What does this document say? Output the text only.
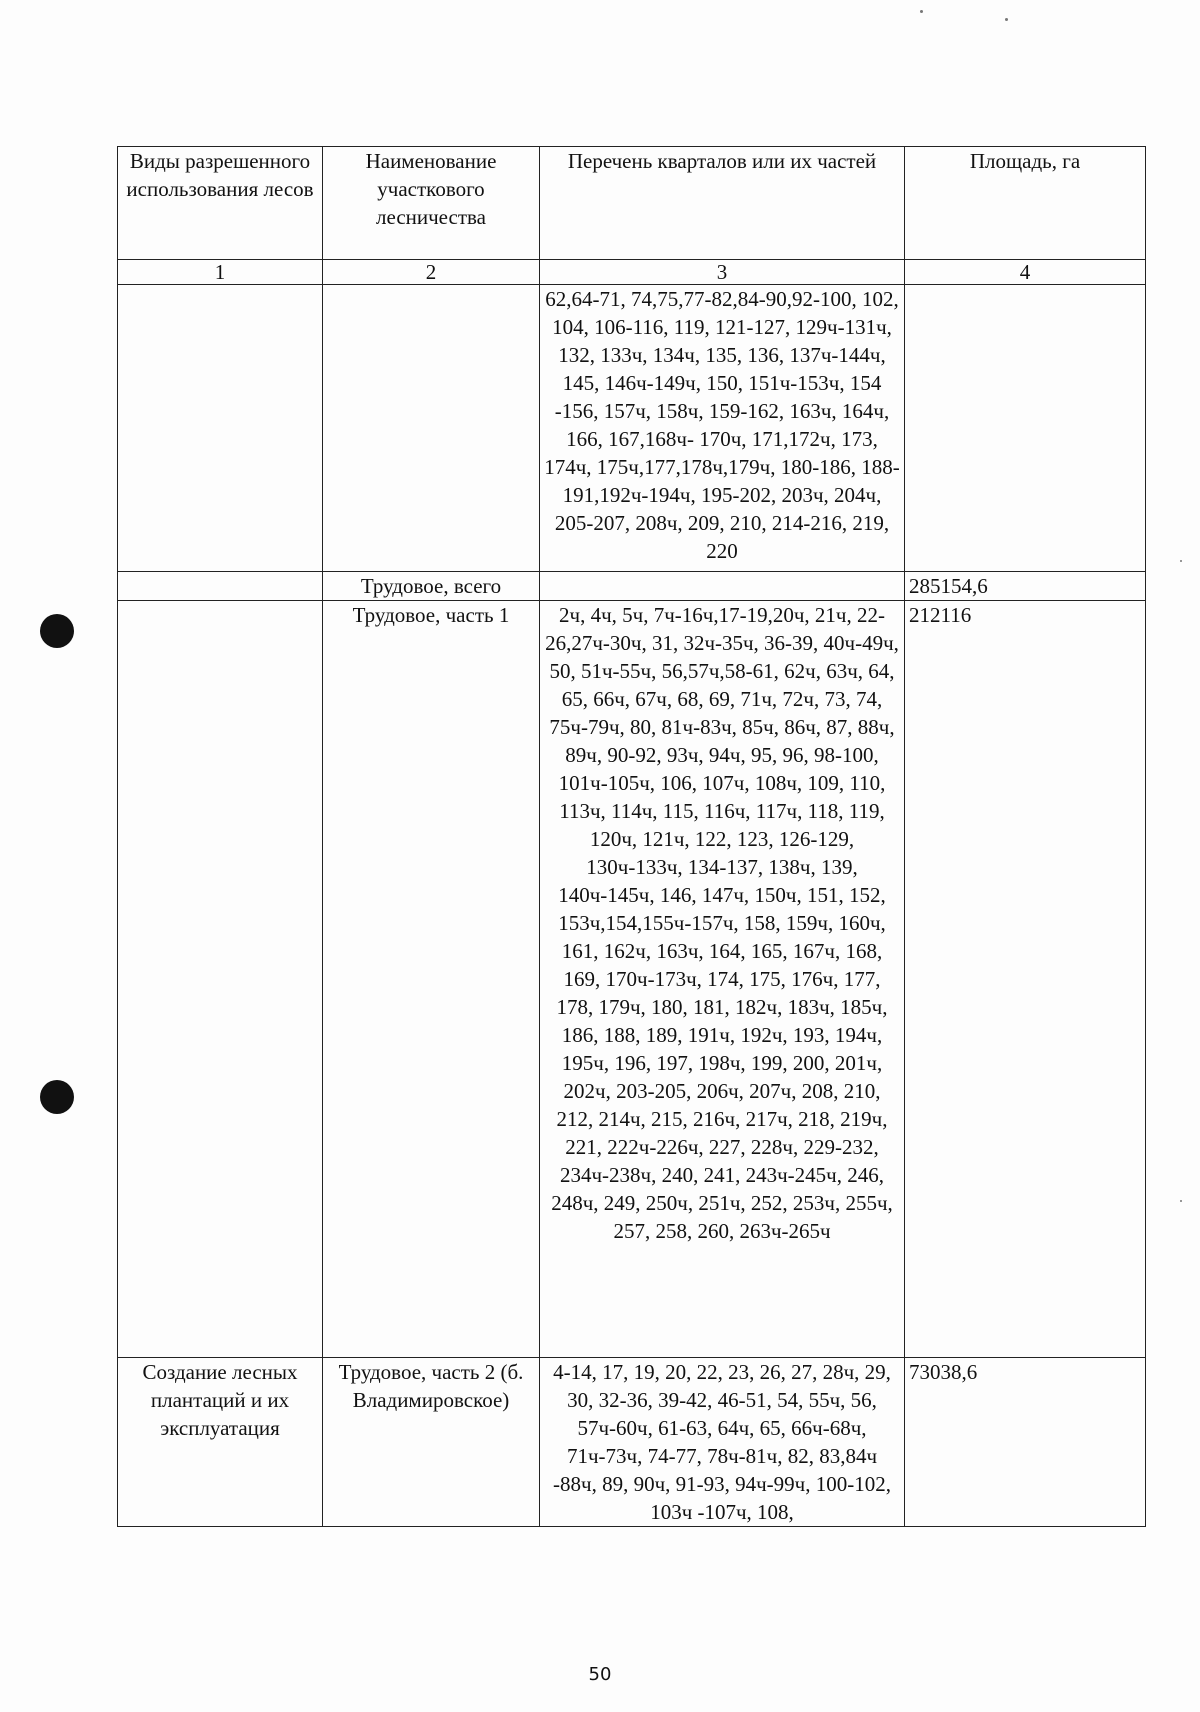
Виды разрешенного использования лесов	Наименование участкового лесничества	Перечень кварталов или их частей	Площадь, га
1	2	3	4
		62,64-71, 74,75,77-82,84-90,92-100, 102, 104, 106-116, 119, 121-127, 129ч-131ч, 132, 133ч, 134ч, 135, 136, 137ч-144ч, 145, 146ч-149ч, 150, 151ч-153ч, 154 -156, 157ч, 158ч, 159-162, 163ч, 164ч, 166, 167,168ч- 170ч, 171,172ч, 173, 174ч, 175ч,177,178ч,179ч, 180-186, 188-191,192ч-194ч, 195-202, 203ч, 204ч, 205-207, 208ч, 209, 210, 214-216, 219, 220	
	Трудовое, всего		285154,6
	Трудовое, часть 1	2ч, 4ч, 5ч, 7ч-16ч,17-19,20ч, 21ч, 22-26,27ч-30ч, 31, 32ч-35ч, 36-39, 40ч-49ч, 50, 51ч-55ч, 56,57ч,58-61, 62ч, 63ч, 64, 65, 66ч, 67ч, 68, 69, 71ч, 72ч, 73, 74, 75ч-79ч, 80, 81ч-83ч, 85ч, 86ч, 87, 88ч, 89ч, 90-92, 93ч, 94ч, 95, 96, 98-100, 101ч-105ч, 106, 107ч, 108ч, 109, 110, 113ч, 114ч, 115, 116ч, 117ч, 118, 119, 120ч, 121ч, 122, 123, 126-129, 130ч-133ч, 134-137, 138ч, 139, 140ч-145ч, 146, 147ч, 150ч, 151, 152, 153ч,154,155ч-157ч, 158, 159ч, 160ч, 161, 162ч, 163ч, 164, 165, 167ч, 168, 169, 170ч-173ч, 174, 175, 176ч, 177, 178, 179ч, 180, 181, 182ч, 183ч, 185ч, 186, 188, 189, 191ч, 192ч, 193, 194ч, 195ч, 196, 197, 198ч, 199, 200, 201ч, 202ч, 203-205, 206ч, 207ч, 208, 210, 212, 214ч, 215, 216ч, 217ч, 218, 219ч, 221, 222ч-226ч, 227, 228ч, 229-232, 234ч-238ч, 240, 241, 243ч-245ч, 246, 248ч, 249, 250ч, 251ч, 252, 253ч, 255ч, 257, 258, 260, 263ч-265ч	212116
Создание лесных плантаций и их эксплуатация	Трудовое, часть 2 (б. Владимировское)	4-14, 17, 19, 20, 22, 23, 26, 27, 28ч, 29, 30, 32-36, 39-42, 46-51, 54, 55ч, 56, 57ч-60ч, 61-63, 64ч, 65, 66ч-68ч, 71ч-73ч, 74-77, 78ч-81ч, 82, 83,84ч -88ч, 89, 90ч, 91-93, 94ч-99ч, 100-102, 103ч -107ч, 108,	73038,6
50
